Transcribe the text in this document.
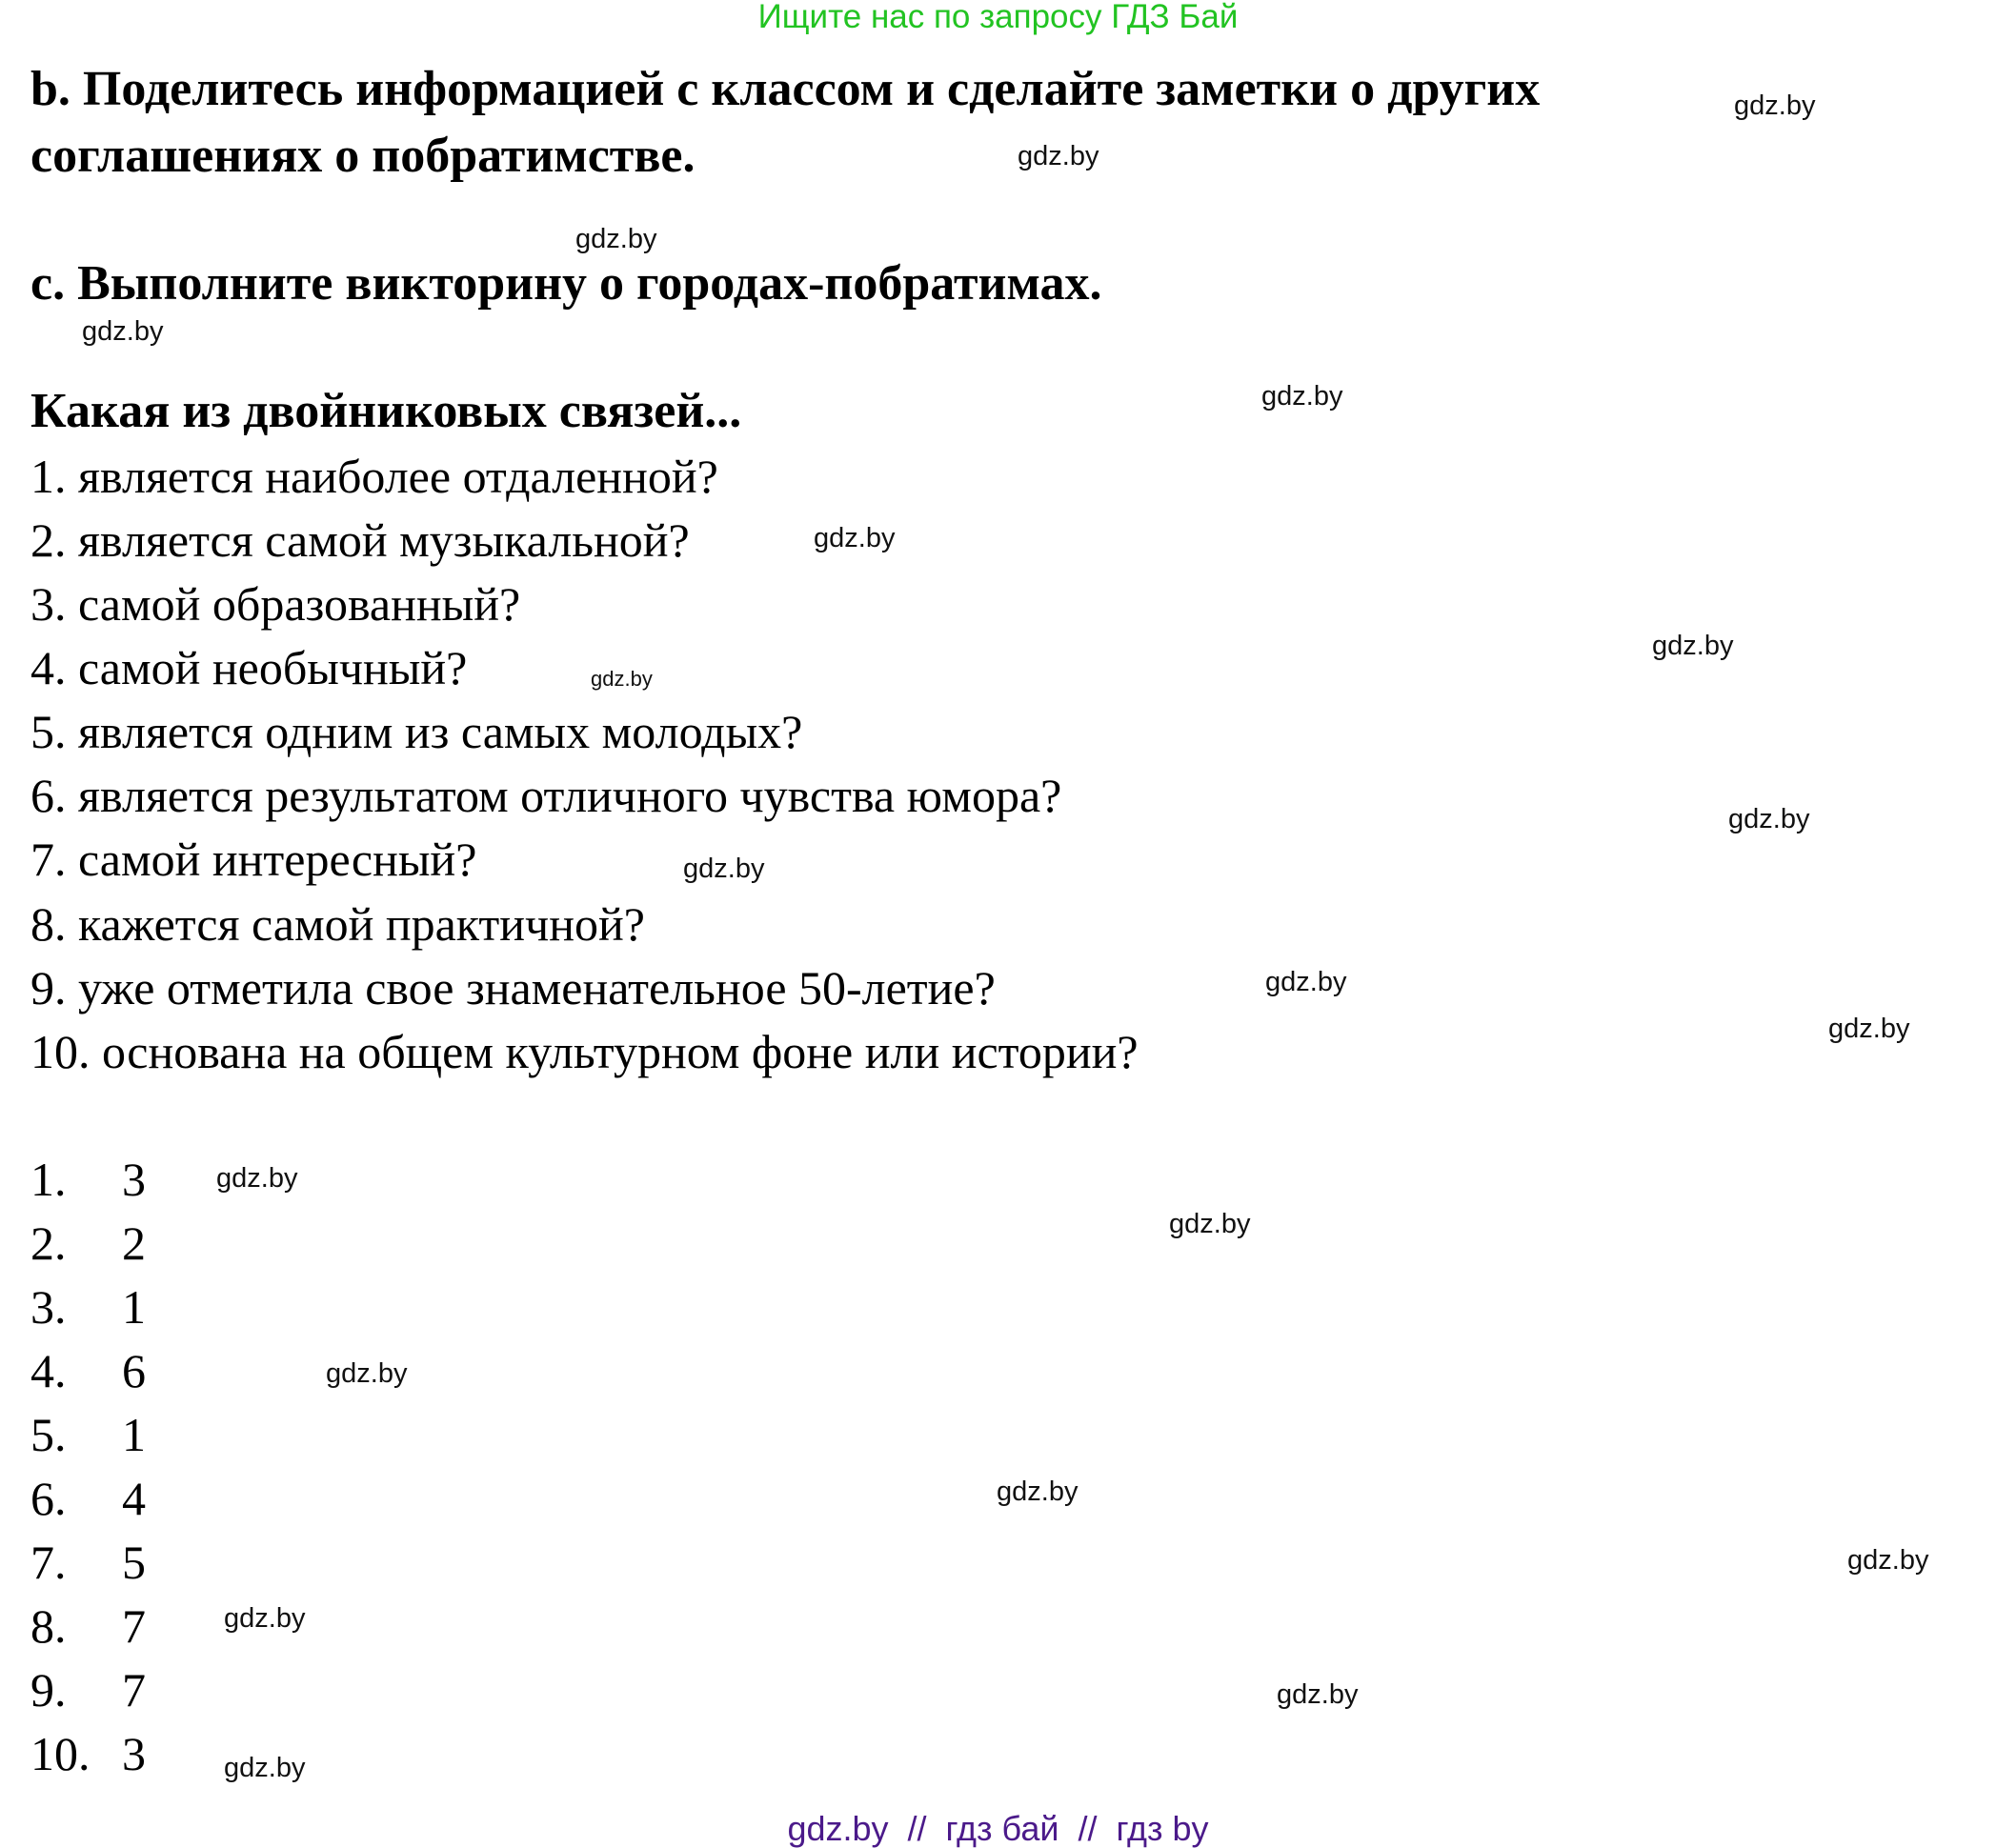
Ищите нас по запросу ГДЗ Бай
b. Поделитесь информацией с классом и сделайте заметки о других
соглашениях о побратимстве.
c. Выполните викторину о городах-побратимах.
Какая из двойниковых связей...
1. является наиболее отдаленной?
2. является самой музыкальной?
3. самой образованный?
4. самой необычный?
5. является одним из самых молодых?
6. является результатом отличного чувства юмора?
7. самой интересный?
8. кажется самой практичной?
9. уже отметила свое знаменательное 50-летие?
10. основана на общем культурном фоне или истории?
1. 3
2. 2
3. 1
4. 6
5. 1
6. 4
7. 5
8. 7
9. 7
10. 3
gdz.by
gdz.by
gdz.by
gdz.by
gdz.by
gdz.by
gdz.by
gdz.by
gdz.by
gdz.by
gdz.by
gdz.by
gdz.by
gdz.by
gdz.by
gdz.by
gdz.by
gdz.by
gdz.by
gdz.by
gdz.by  //  гдз бай  //  гдз by
